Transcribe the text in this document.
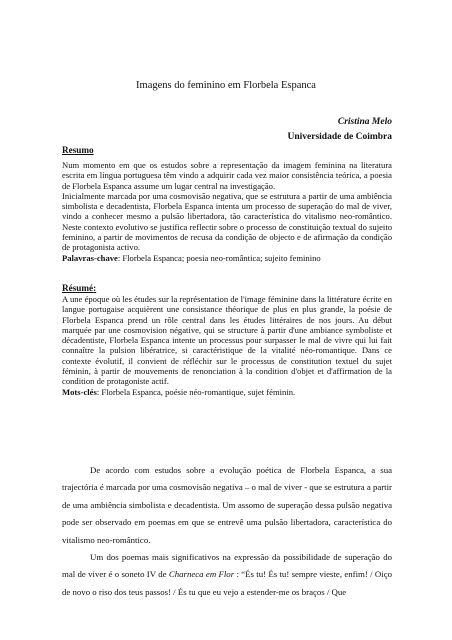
Imagens do feminino em Florbela Espanca
Cristina Melo
Universidade de Coimbra
Resumo

Num momento em que os estudos sobre a representação da imagem feminina na literatura escrita em língua portuguesa têm vindo a adquirir cada vez maior consistência teórica, a poesia de Florbela Espanca assume um lugar central na investigação.

Inicialmente marcada por uma cosmovisão negativa, que se estrutura a partir de uma ambiência simbolista e decadentista, Florbela Espanca intenta um processo de superação do mal de viver, vindo a conhecer mesmo a pulsão libertadora, tão característica do vitalismo neo-romântico. Neste contexto evolutivo se justifica reflectir sobre o processo de constituição textual do sujeito feminino, a partir de movimentos de recusa da condição de objecto e de afirmação da condição de protagonista activo.

Palavras-chave: Florbela Espanca; poesia neo-romântica; sujeito feminino

Résumé:

A une époque où les études sur la représentation de l'image féminine dans la littérature écrite en langue portugaise acquièrent une consistance théorique de plus en plus grande, la poésie de Florbela Espanca prend un rôle central dans les études littéraires de nos jours. Au début marquée par une cosmovision négative, qui se structure à partir d'une ambiance symboliste et décadentiste, Florbela Espanca intente un processus pour surpasser le mal de vivre qui lui fait connaître la pulsion libératrice, si caractéristique de la vitalité néo-romantique. Dans ce contexte évolutif, il convient de réfléchir sur le processus de constitution textuel du sujet féminin, à partir de mouvements de renonciation à la condition d'objet et d'affirmation de la condition de protagoniste actif.

Mots-clés: Florbela Espanca, poésie néo-romantique, sujet féminin.

De acordo com estudos sobre a evolução poética de Florbela Espanca, a sua trajectória é marcada por uma cosmovisão negativa – o mal de viver - que se estrutura a partir de uma ambiência simbolista e decadentista. Um assomo de superação dessa pulsão negativa pode ser observado em poemas em que se entrevê uma pulsão libertadora, característica do vitalismo neo-romântico.

Um dos poemas mais significativos na expressão da possibilidade de superação do mal de viver é o soneto IV de Charneca em Flor : “És tu! És tu! sempre vieste, enfim! / Oiço de novo o riso dos teus passos! / És tu que eu vejo a estender-me os braços / Que
